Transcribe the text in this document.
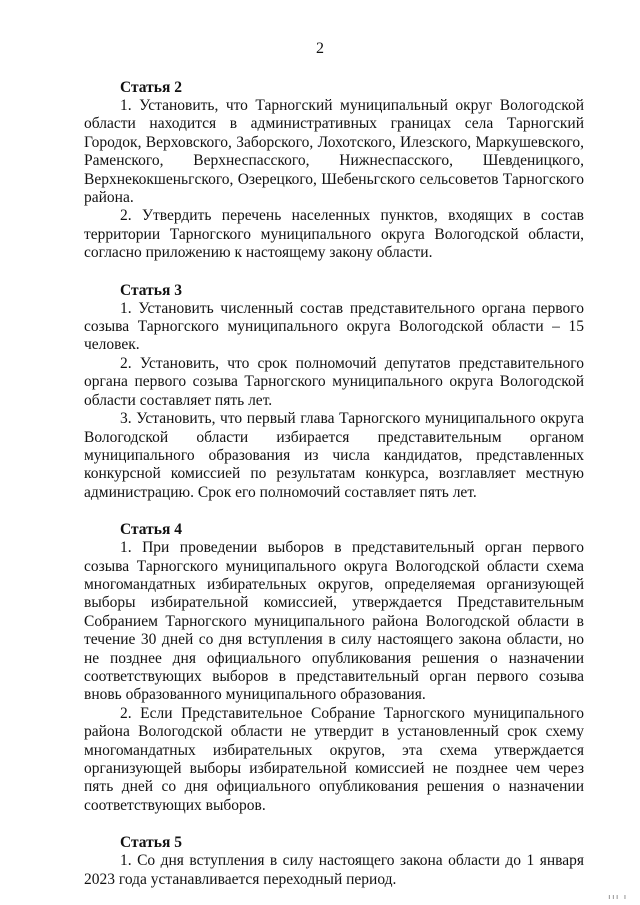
2
Статья 2

1. Установить, что Тарногский муниципальный округ Вологодской области находится в административных границах села Тарногский Городок, Верховского, Заборского, Лохотского, Илезского, Маркушевского, Раменского, Верхнеспасского, Нижнеспасского, Шевденицкого, Верхнекокшеньгского, Озерецкого, Шебеньгского сельсоветов Тарногского района.

2. Утвердить перечень населенных пунктов, входящих в состав территории Тарногского муниципального округа Вологодской области, согласно приложению к настоящему закону области.

Статья 3

1. Установить численный состав представительного органа первого созыва Тарногского муниципального округа Вологодской области – 15 человек.

2. Установить, что срок полномочий депутатов представительного органа первого созыва Тарногского муниципального округа Вологодской области составляет пять лет.

3. Установить, что первый глава Тарногского муниципального округа Вологодской области избирается представительным органом муниципального образования из числа кандидатов, представленных конкурсной комиссией по результатам конкурса, возглавляет местную администрацию. Срок его полномочий составляет пять лет.

Статья 4

1. При проведении выборов в представительный орган первого созыва Тарногского муниципального округа Вологодской области схема многомандатных избирательных округов, определяемая организующей выборы избирательной комиссией, утверждается Представительным Собранием Тарногского муниципального района Вологодской области в течение 30 дней со дня вступления в силу настоящего закона области, но не позднее дня официального опубликования решения о назначении соответствующих выборов в представительный орган первого созыва вновь образованного муниципального образования.

2. Если Представительное Собрание Тарногского муниципального района Вологодской области не утвердит в установленный срок схему многомандатных избирательных округов, эта схема утверждается организующей выборы избирательной комиссией не позднее чем через пять дней со дня официального опубликования решения о назначении соответствующих выборов.

Статья 5

1. Со дня вступления в силу настоящего закона области до 1 января 2023 года устанавливается переходный период.

ııı ı
